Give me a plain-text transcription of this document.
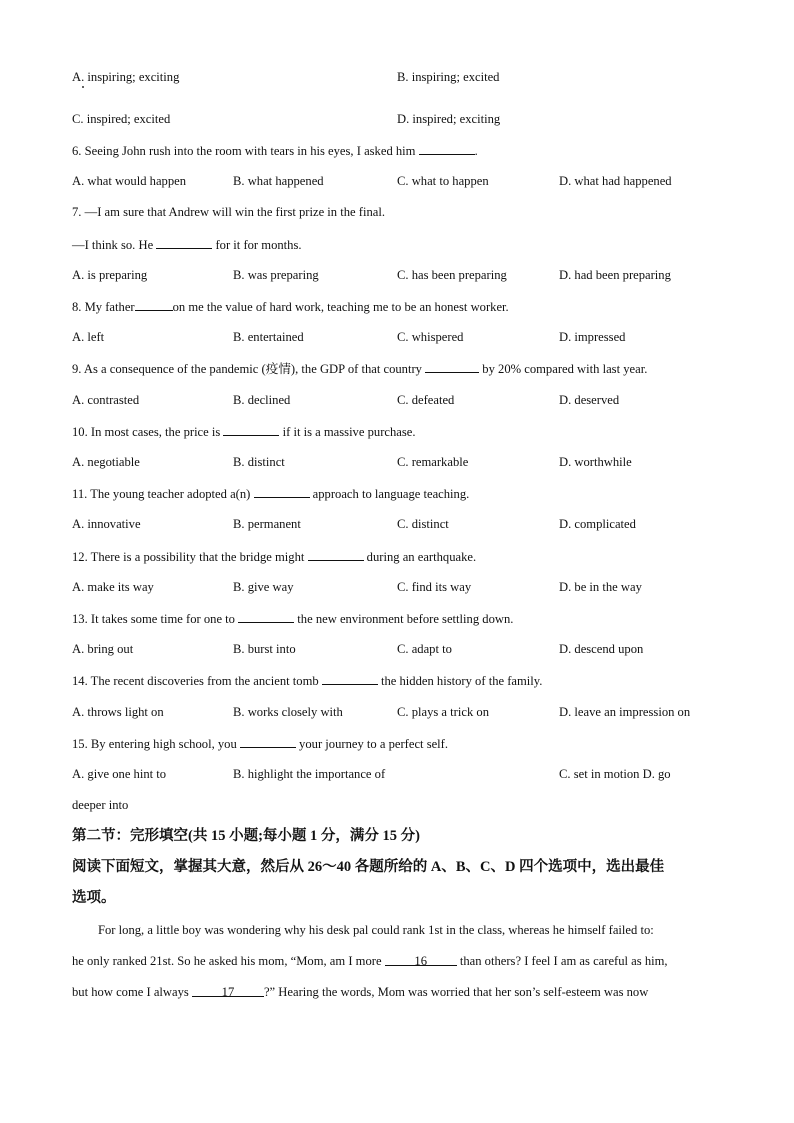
A. inspiring; exciting	B. inspiring; excited
C. inspired; excited	D. inspired; exciting
6. Seeing John rush into the room with tears in his eyes, I asked him	.
A. what would happen	B. what happened	C. what to happen	D. what had happened
7. —I am sure that Andrew will win the first prize in the final.
—I think so. He	for it for months.
A. is preparing	B. was preparing	C. has been preparing	D. had been preparing
8. My father	on me the value of hard work, teaching me to be an honest worker.
A. left	B. entertained	C. whispered	D. impressed
9. As a consequence of the pandemic (疫情), the GDP of that country	by 20% compared with last year.
A. contrasted	B. declined	C. defeated	D. deserved
10. In most cases, the price is	if it is a massive purchase.
A. negotiable	B. distinct	C. remarkable	D. worthwhile
11. The young teacher adopted a(n)	approach to language teaching.
A. innovative	B. permanent	C. distinct	D. complicated
12. There is a possibility that the bridge might	during an earthquake.
A. make its way	B. give way	C. find its way	D. be in the way
13. It takes some time for one to	the new environment before settling down.
A. bring out	B. burst into	C. adapt to	D. descend upon
14. The recent discoveries from the ancient tomb	the hidden history of the family.
A. throws light on	B. works closely with	C. plays a trick on	D. leave an impression on
15. By entering high school, you	your journey to a perfect self.
A. give one hint to	B. highlight the importance of	C. set in motion D. go
deeper into
第二节：完形填空(共 15 小题;每小题 1 分，满分 15 分)
阅读下面短文，掌握其大意，然后从 26～40 各题所给的 A、B、C、D 四个选项中，选出最佳
选项。
For long, a little boy was wondering why his desk pal could rank 1st in the class, whereas he himself failed to:
he only ranked 21st. So he asked his mom, “Mom, am I more 16 than others? I feel I am as careful as him,
but how come I always 17 ?” Hearing the words, Mom was worried that her son’s self-esteem was now
